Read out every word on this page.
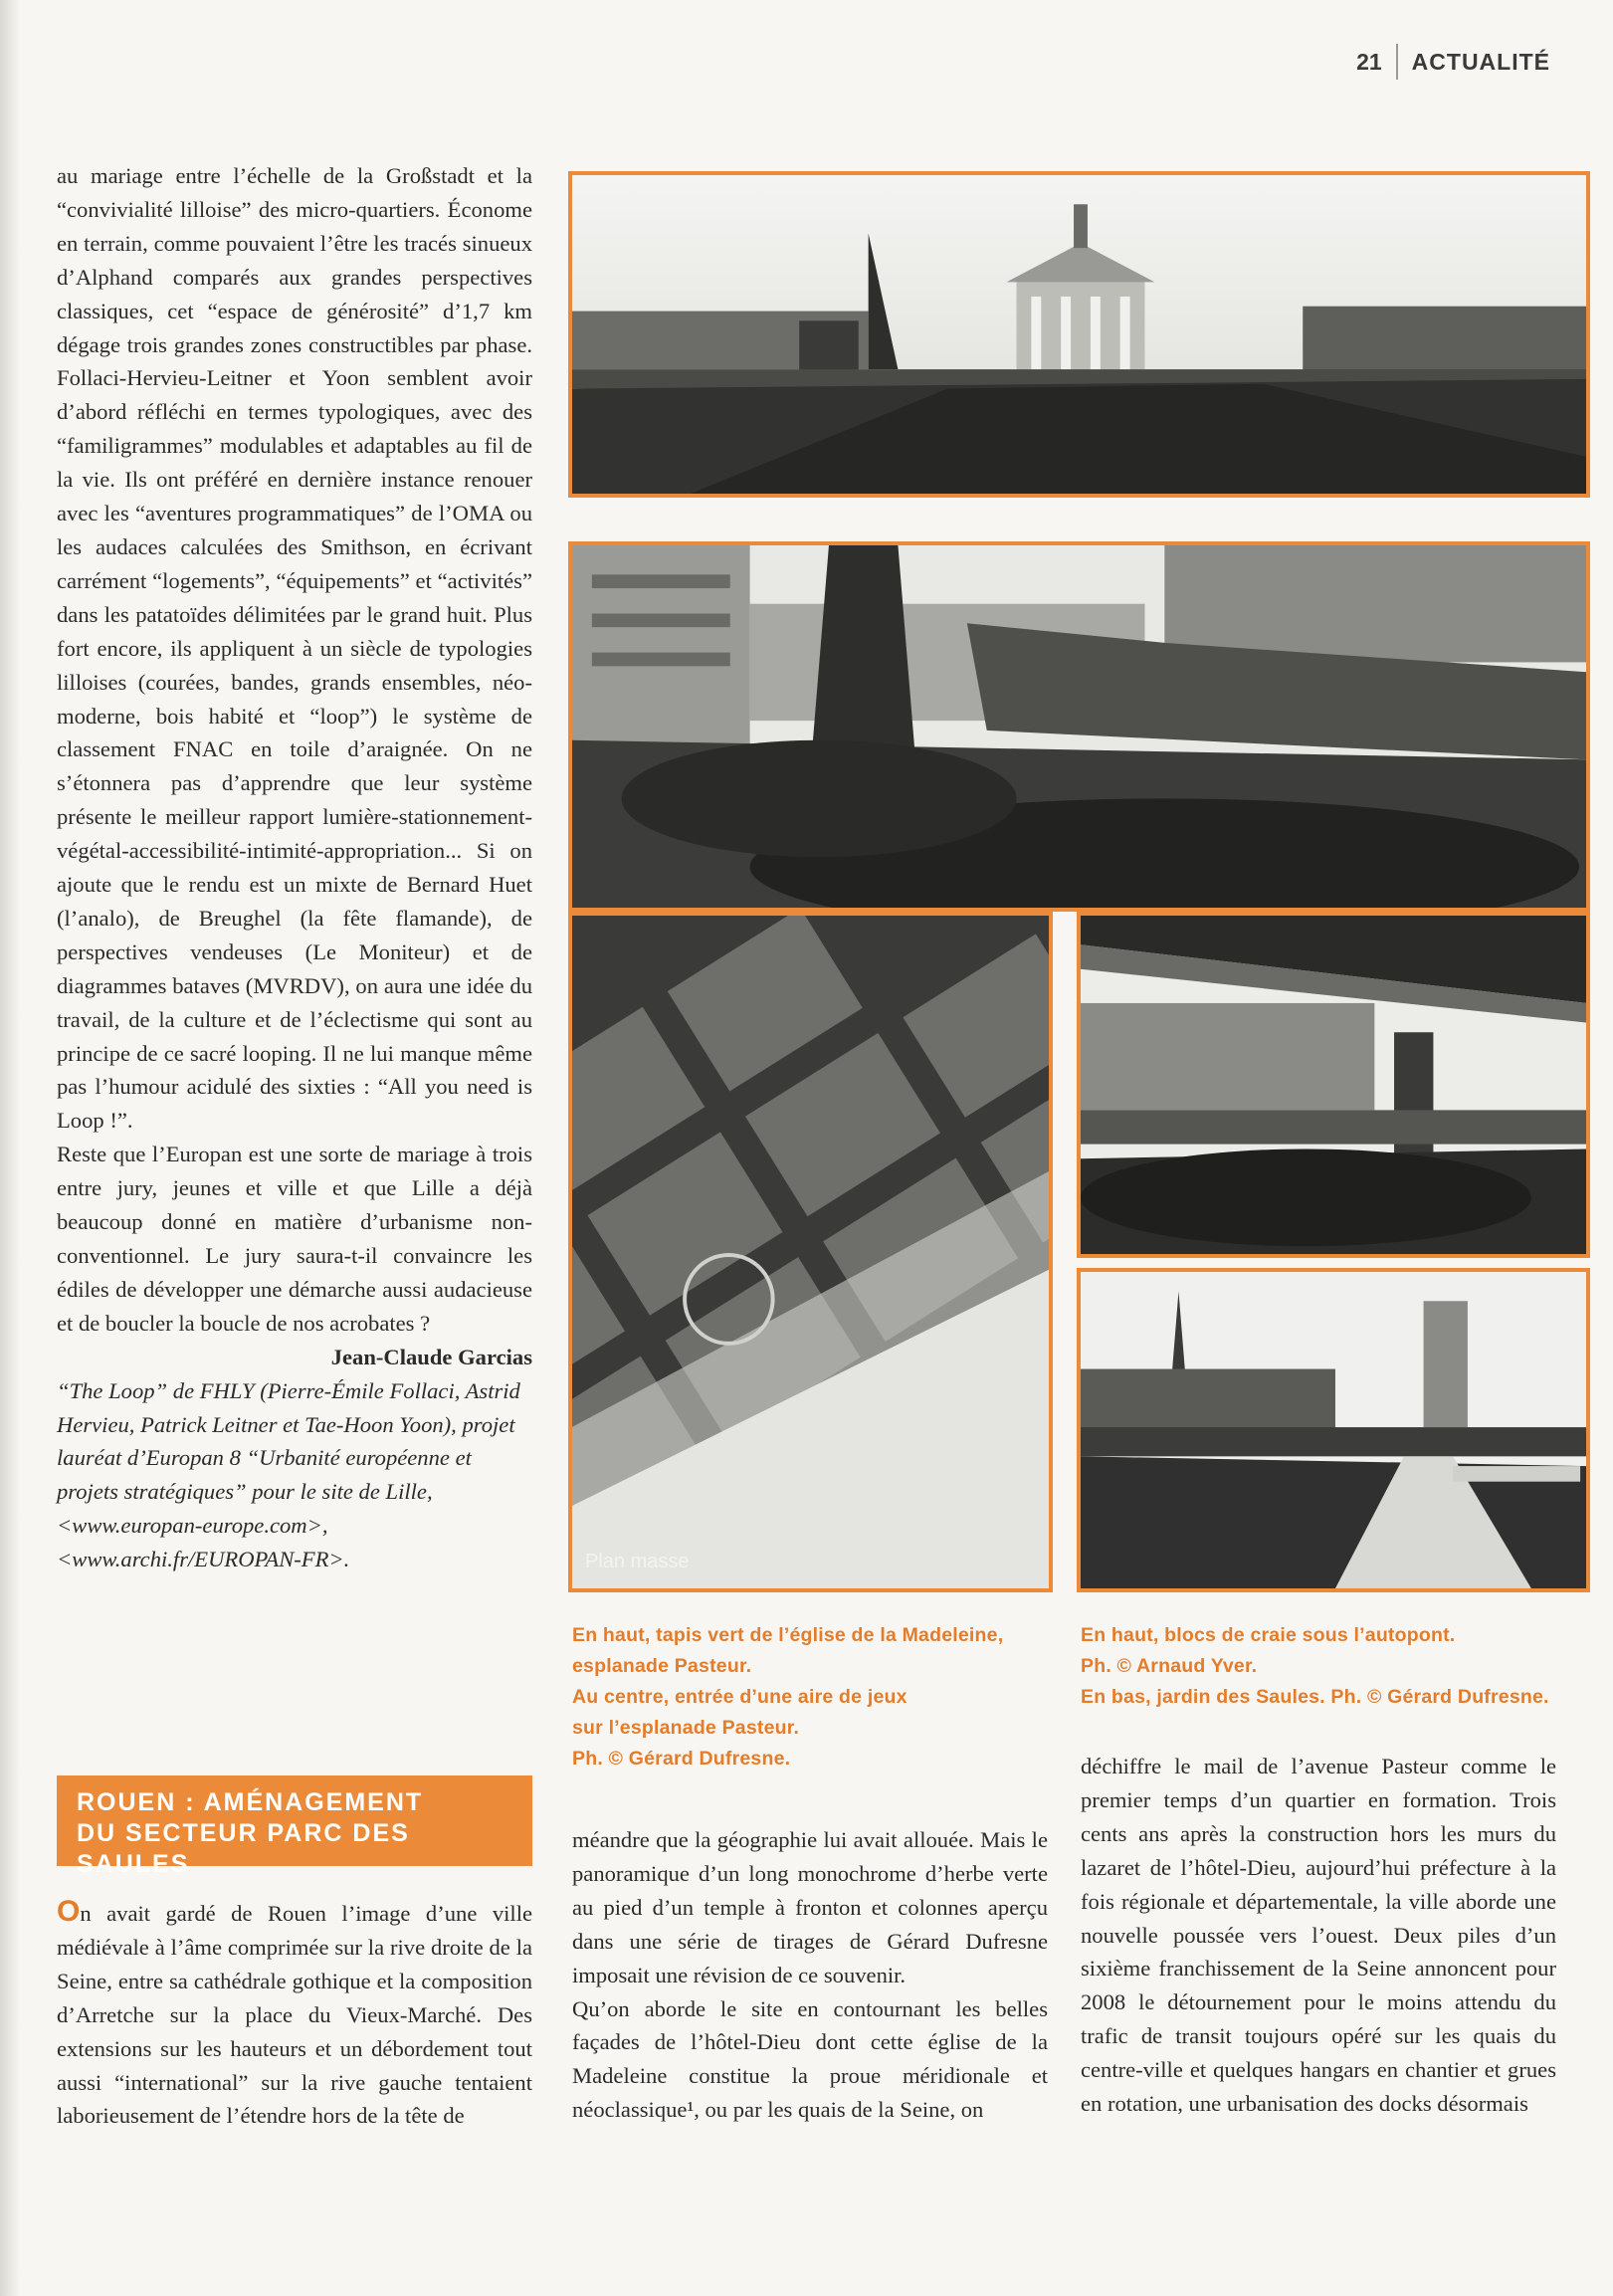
21 ACTUALITÉ

au mariage entre l’échelle de la Großstadt et la “convivialité lilloise” des micro-quartiers. Économe en terrain, comme pouvaient l’être les tracés sinueux d’Alphand comparés aux grandes perspectives classiques, cet “espace de générosité” d’1,7 km dégage trois grandes zones constructibles par phase. Follaci-Hervieu-Leitner et Yoon semblent avoir d’abord réfléchi en termes typologiques, avec des “familigrammes” modulables et adaptables au fil de la vie. Ils ont préféré en dernière instance renouer avec les “aventures programmatiques” de l’OMA ou les audaces calculées des Smithson, en écrivant carrément “logements”, “équipements” et “activités” dans les patatoïdes délimitées par le grand huit. Plus fort encore, ils appliquent à un siècle de typologies lilloises (courées, bandes, grands ensembles, néo-moderne, bois habité et “loop”) le système de classement FNAC en toile d’araignée. On ne s’étonnera pas d’apprendre que leur système présente le meilleur rapport lumière-stationnement-végétal-accessibilité-intimité-appropriation... Si on ajoute que le rendu est un mixte de Bernard Huet (l’analo), de Breughel (la fête flamande), de perspectives vendeuses (Le Moniteur) et de diagrammes bataves (MVRDV), on aura une idée du travail, de la culture et de l’éclectisme qui sont au principe de ce sacré looping. Il ne lui manque même pas l’humour acidulé des sixties : “All you need is Loop !”.

Reste que l’Europan est une sorte de mariage à trois entre jury, jeunes et ville et que Lille a déjà beaucoup donné en matière d’urbanisme non-conventionnel. Le jury saura-t-il convaincre les édiles de développer une démarche aussi audacieuse et de boucler la boucle de nos acrobates ?

Jean-Claude Garcias

“The Loop” de FHLY (Pierre-Émile Follaci, Astrid Hervieu, Patrick Leitner et Tae-Hoon Yoon), projet lauréat d’Europan 8 “Urbanité européenne et projets stratégiques” pour le site de Lille, <www.europan-europe.com>, <www.archi.fr/EUROPAN-FR>.	Plan masse

En haut, tapis vert de l’église de la Madeleine,

esplanade Pasteur.

Au centre, entrée d’une aire de jeux

sur l’esplanade Pasteur.

Ph. © Gérard Dufresne.

En haut, blocs de craie sous l’autopont.

Ph. © Arnaud Yver.

En bas, jardin des Saules. Ph. © Gérard Dufresne.

ROUEN : AMÉNAGEMENT

DU SECTEUR PARC DES SAULES

On avait gardé de Rouen l’image d’une ville médiévale à l’âme comprimée sur la rive droite de la Seine, entre sa cathédrale gothique et la composition d’Arretche sur la place du Vieux-Marché. Des extensions sur les hauteurs et un débordement tout aussi “international” sur la rive gauche tentaient laborieusement de l’étendre hors de la tête de

méandre que la géographie lui avait allouée. Mais le panoramique d’un long monochrome d’herbe verte au pied d’un temple à fronton et colonnes aperçu dans une série de tirages de Gérard Dufresne imposait une révision de ce souvenir.

Qu’on aborde le site en contournant les belles façades de l’hôtel-Dieu dont cette église de la Madeleine constitue la proue méridionale et néoclassique¹, ou par les quais de la Seine, on

déchiffre le mail de l’avenue Pasteur comme le premier temps d’un quartier en formation. Trois cents ans après la construction hors les murs du lazaret de l’hôtel-Dieu, aujourd’hui préfecture à la fois régionale et départementale, la ville aborde une nouvelle poussée vers l’ouest. Deux piles d’un sixième franchissement de la Seine annoncent pour 2008 le détournement pour le moins attendu du trafic de transit toujours opéré sur les quais du centre-ville et quelques hangars en chantier et grues en rotation, une urbanisation des docks désormais
